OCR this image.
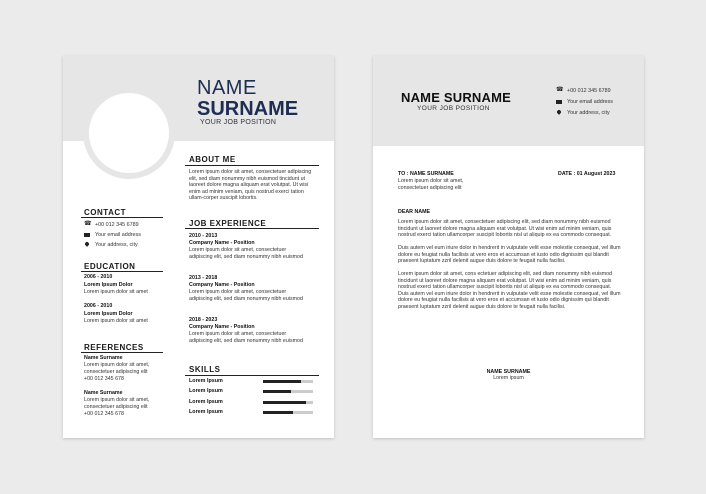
NAME
SURNAME
YOUR JOB POSITION
ABOUT ME
Lorem ipsum dolor sit amet, consectetuer adipiscing elit, sed diam nonummy nibh euismod tincidunt ut laoreet dolore magna aliquam erat volutpat. Ut wisi enim ad minim veniam, quis nostrud exerci tation ullam-corper suscipit lobortis.
CONTACT
☎
+00 012 345 6789
Your email address
Your address, city
EDUCATION
2006 - 2010
Lorem Ipsum Dolor
Lorem ipsum dolor sit amet
2006 - 2010
Lorem Ipsum Dolor
Lorem ipsum dolor sit amet
REFERENCES
Name Surname
Lorem ipsum dolor sit amet,
consectetuer adipiscing elit
+00 012 345 678
Name Surname
Lorem ipsum dolor sit amet,
consectetuer adipiscing elit
+00 012 345 678
JOB EXPERIENCE
2010 - 2013
Company Name - Position
Lorem ipsum dolor sit amet, consectetuer
adipiscing elit, sed diam nonummy nibh euismod
2013 - 2018
Company Name - Position
Lorem ipsum dolor sit amet, consectetuer
adipiscing elit, sed diam nonummy nibh euismod
2018 - 2023
Company Name - Position
Lorem ipsum dolor sit amet, consectetuer
adipiscing elit, sed diam nonummy nibh euismod
SKILLS
Lorem Ipsum
Lorem Ipsum
Lorem Ipsum
Lorem Ipsum
NAME SURNAME
YOUR JOB POSITION
☎
+00 012 345 6789
Your email address
Your address, city
TO : NAME SURNAME
Lorem ipsum dolor sit amet,
consectetuer adipiscing elit
DATE : 01 August 2023
DEAR NAME
Lorem ipsum dolor sit amet, consectetuer adipiscing elit, sed diam nonummy nibh euismod tincidunt ut laoreet dolore magna aliquam erat volutpat. Ut wisi enim ad minim veniam, quis nostrud exerci tation ullamcorper suscipit lobortis nisl ut aliquip ex ea commodo consequat.
Duis autem vel eum iriure dolor in hendrerit in vulputate velit esse molestie consequat, vel illum dolore eu feugiat nulla facilisis at vero eros et accumsan et iusto odio dignissim qui blandit praesent luptatum zzril delenit augue duis dolore te feugait nulla facilisi.
Lorem ipsum dolor sit amet, cons ectetuer adipiscing elit, sed diam nonummy nibh euismod tincidunt ut laoreet dolore magna aliquam erat volutpat. Ut wisi enim ad minim veniam, quis nostrud exerci tation ullamcorper suscipit lobortis nisl ut aliquip ex ea commodo consequat. Duis autem vel eum iriure dolor in hendrerit in vulputate velit esse molestie consequat, vel illum dolore eu feugiat nulla facilisis at vero eros et accumsan et iusto odio dignissim qui blandit praesent luptatum zzril delenit augue duis dolore te feugait nulla facilisi.
NAME SURNAME
Lorem ipsum
